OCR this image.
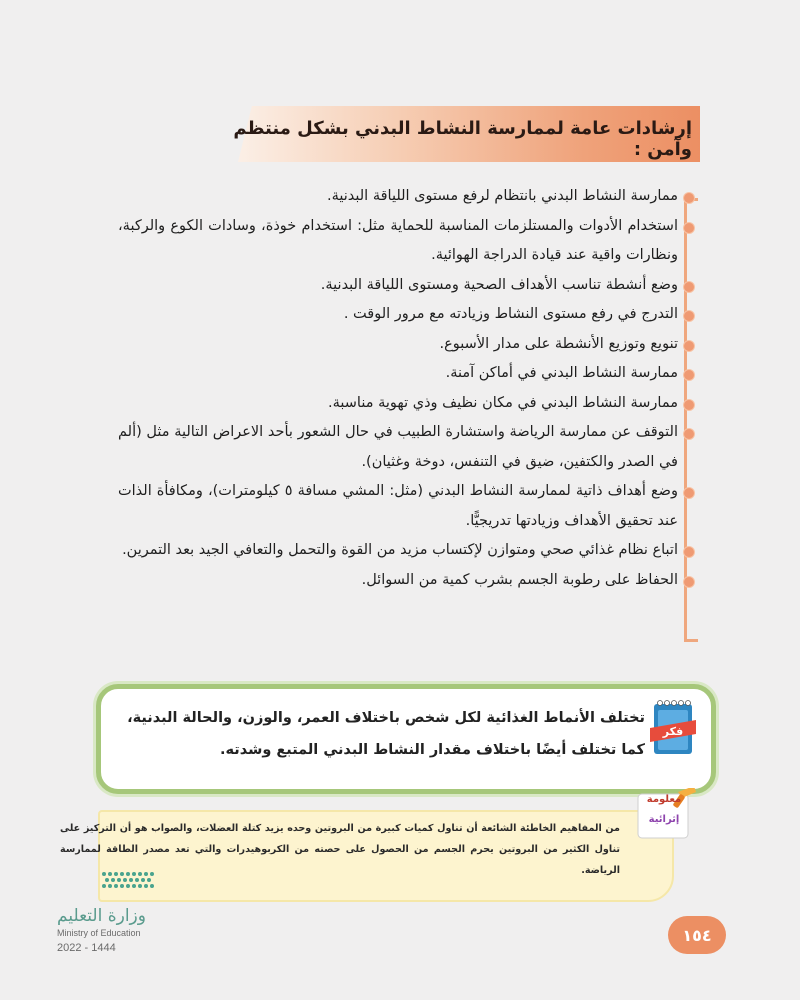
إرشادات عامة لممارسة النشاط البدني بشكل منتظم وآمن :
ممارسة النشاط البدني بانتظام لرفع مستوى اللياقة البدنية.
استخدام الأدوات والمستلزمات المناسبة للحماية مثل: استخدام خوذة، وسادات الكوع والركبة، ونظارات واقية عند قيادة الدراجة الهوائية.
وضع أنشطة تناسب الأهداف الصحية ومستوى اللياقة البدنية.
التدرج في رفع مستوى النشاط وزيادته مع مرور الوقت .
تنويع وتوزيع الأنشطة على مدار الأسبوع.
ممارسة النشاط البدني في أماكن آمنة.
ممارسة النشاط البدني في مكان نظيف وذي تهوية مناسبة.
التوقف عن ممارسة الرياضة واستشارة الطبيب في حال الشعور بأحد الاعراض التالية مثل (ألم في الصدر والكتفين، ضيق في التنفس، دوخة وغثيان).
وضع أهداف ذاتية لممارسة النشاط البدني (مثل: المشي مسافة ٥ كيلومترات)، ومكافأة الذات عند تحقيق الأهداف وزيادتها تدريجيًّا.
اتباع نظام غذائي صحي ومتوازن لإكتساب مزيد من القوة والتحمل والتعافي الجيد بعد التمرين.
الحفاظ على رطوبة الجسم بشرب كمية من السوائل.
فكر
تختلف الأنماط الغذائية لكل شخص باختلاف العمر، والوزن، والحالة البدنية، كما تختلف أيضًا باختلاف مقدار النشاط البدني المتبع وشدته.
معلومة
إثرائية
من المفاهيم الخاطئة الشائعة أن تناول كميات كبيرة من البروتين وحده يزيد كتلة العضلات، والصواب هو أن التركيز على تناول الكثير من البروتين يحرم الجسم من الحصول على حصته من الكربوهيدرات والتي تعد مصدر الطاقة لممارسة الرياضة.
وزارة التعليم
Ministry of Education
2022 - 1444
١٥٤
